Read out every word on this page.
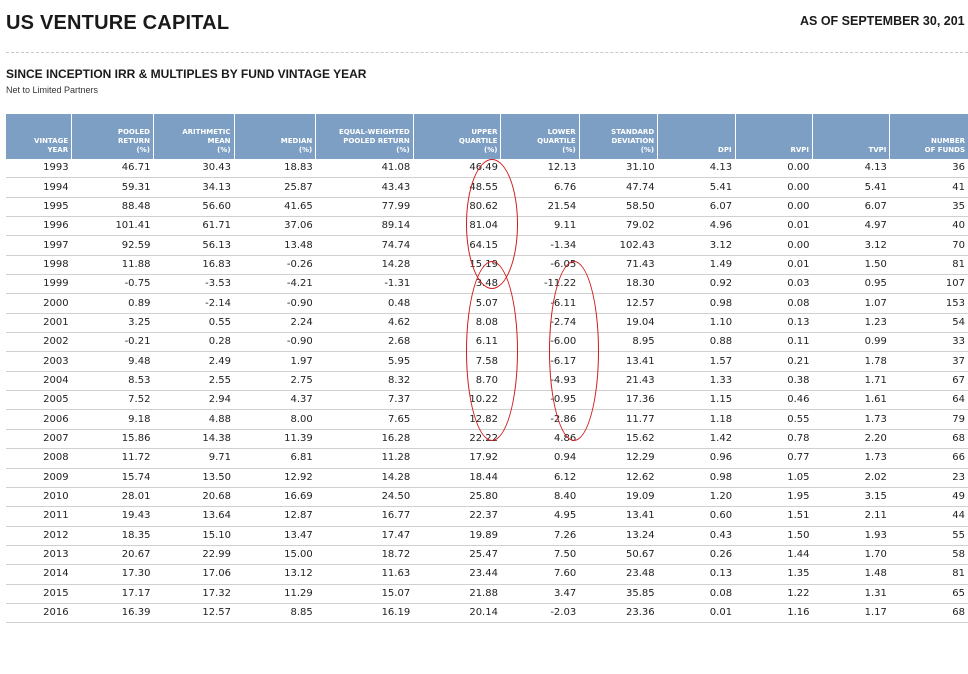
US VENTURE CAPITAL	AS OF SEPTEMBER 30, 201
SINCE INCEPTION IRR & MULTIPLES BY FUND VINTAGE YEAR
Net to Limited Partners
VINTAGE
YEAR	POOLED
RETURN
(%)	ARITHMETIC
MEAN
(%)	MEDIAN
(%)	EQUAL-WEIGHTED
POOLED RETURN
(%)	UPPER
QUARTILE
(%)	LOWER
QUARTILE
(%)	STANDARD
DEVIATION
(%)	DPI	RVPI	TVPI	NUMBER
OF FUNDS
1993	46.71	30.43	18.83	41.08	46.49	12.13	31.10	4.13	0.00	4.13	36
1994	59.31	34.13	25.87	43.43	48.55	6.76	47.74	5.41	0.00	5.41	41
1995	88.48	56.60	41.65	77.99	80.62	21.54	58.50	6.07	0.00	6.07	35
1996	101.41	61.71	37.06	89.14	81.04	9.11	79.02	4.96	0.01	4.97	40
1997	92.59	56.13	13.48	74.74	64.15	-1.34	102.43	3.12	0.00	3.12	70
1998	11.88	16.83	-0.26	14.28	15.19	-6.05	71.43	1.49	0.01	1.50	81
1999	-0.75	-3.53	-4.21	-1.31	3.48	-11.22	18.30	0.92	0.03	0.95	107
2000	0.89	-2.14	-0.90	0.48	5.07	-6.11	12.57	0.98	0.08	1.07	153
2001	3.25	0.55	2.24	4.62	8.08	-2.74	19.04	1.10	0.13	1.23	54
2002	-0.21	0.28	-0.90	2.68	6.11	-6.00	8.95	0.88	0.11	0.99	33
2003	9.48	2.49	1.97	5.95	7.58	-6.17	13.41	1.57	0.21	1.78	37
2004	8.53	2.55	2.75	8.32	8.70	-4.93	21.43	1.33	0.38	1.71	67
2005	7.52	2.94	4.37	7.37	10.22	-0.95	17.36	1.15	0.46	1.61	64
2006	9.18	4.88	8.00	7.65	12.82	-2.86	11.77	1.18	0.55	1.73	79
2007	15.86	14.38	11.39	16.28	22.22	4.86	15.62	1.42	0.78	2.20	68
2008	11.72	9.71	6.81	11.28	17.92	0.94	12.29	0.96	0.77	1.73	66
2009	15.74	13.50	12.92	14.28	18.44	6.12	12.62	0.98	1.05	2.02	23
2010	28.01	20.68	16.69	24.50	25.80	8.40	19.09	1.20	1.95	3.15	49
2011	19.43	13.64	12.87	16.77	22.37	4.95	13.41	0.60	1.51	2.11	44
2012	18.35	15.10	13.47	17.47	19.89	7.26	13.24	0.43	1.50	1.93	55
2013	20.67	22.99	15.00	18.72	25.47	7.50	50.67	0.26	1.44	1.70	58
2014	17.30	17.06	13.12	11.63	23.44	7.60	23.48	0.13	1.35	1.48	81
2015	17.17	17.32	11.29	15.07	21.88	3.47	35.85	0.08	1.22	1.31	65
2016	16.39	12.57	8.85	16.19	20.14	-2.03	23.36	0.01	1.16	1.17	68
